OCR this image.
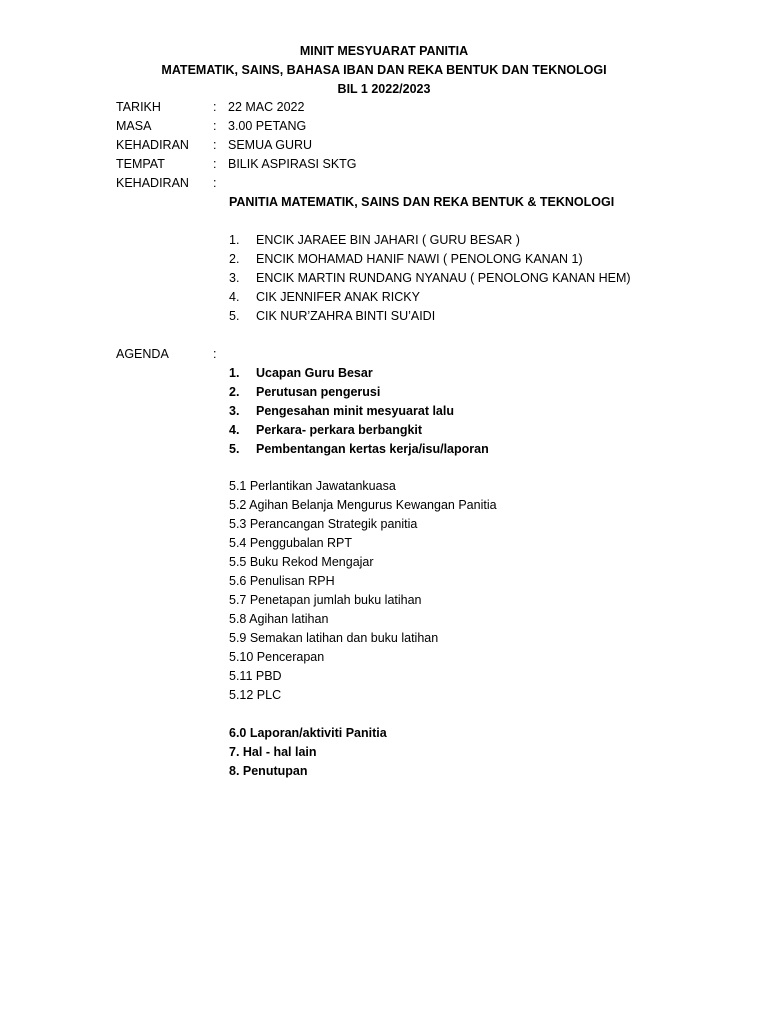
MINIT MESYUARAT PANITIA
MATEMATIK, SAINS, BAHASA IBAN DAN REKA BENTUK DAN TEKNOLOGI
BIL 1 2022/2023
TARIKH	: 22 MAC 2022
MASA	: 3.00 PETANG
KEHADIRAN : SEMUA GURU
TEMPAT	: BILIK ASPIRASI SKTG
KEHADIRAN :
PANITIA MATEMATIK, SAINS DAN REKA BENTUK & TEKNOLOGI
1. ENCIK JARAEE BIN JAHARI ( GURU BESAR )
2. ENCIK MOHAMAD HANIF NAWI ( PENOLONG KANAN 1)
3. ENCIK MARTIN RUNDANG NYANAU ( PENOLONG KANAN HEM)
4. CIK JENNIFER ANAK RICKY
5. CIK NUR’ZAHRA BINTI SU’AIDI
AGENDA	:
1. Ucapan Guru Besar
2. Perutusan pengerusi
3. Pengesahan minit mesyuarat lalu
4. Perkara- perkara berbangkit
5. Pembentangan kertas kerja/isu/laporan
5.1 Perlantikan Jawatankuasa
5.2 Agihan Belanja Mengurus Kewangan Panitia
5.3 Perancangan Strategik panitia
5.4 Penggubalan RPT
5.5 Buku Rekod Mengajar
5.6 Penulisan RPH
5.7 Penetapan jumlah buku latihan
5.8 Agihan latihan
5.9 Semakan latihan dan buku latihan
5.10 Pencerapan
5.11 PBD
5.12 PLC
6.0 Laporan/aktiviti Panitia
7. Hal - hal lain
8. Penutupan
